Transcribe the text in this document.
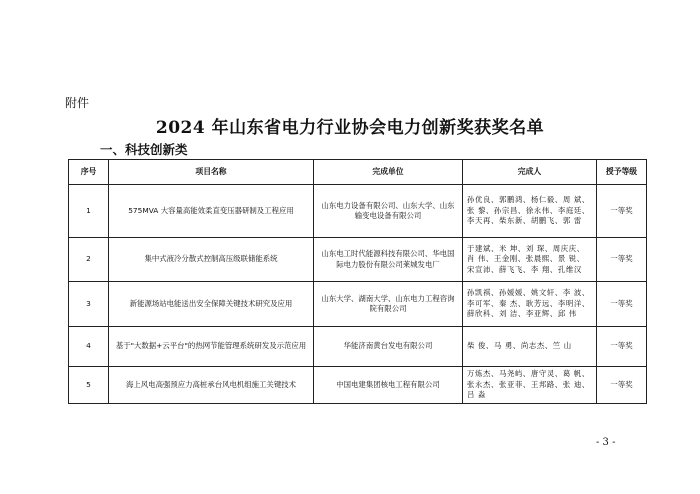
附件
2024 年山东省电力行业协会电力创新奖获奖名单
一、科技创新类
序号	项目名称	完成单位	完成人	授予等级
1	575MVA 大容量高能效柔直变压器研制及工程应用	山东电力设备有限公司、山东大学、山东输变电设备有限公司	孙优良、郭鹏鸿、杨仁毅、周 斌、张 黎、孙宗昌、徐永伟、李庭廷、李天再、柴东新、胡鹏飞、郭 雷	一等奖
2	集中式液冷分散式控制高压级联储能系统	山东电工时代能源科技有限公司、华电国际电力股份有限公司莱城发电厂	于建斌、米 坤、刘 琛、周庆庆、肖 伟、王金刚、张晨熙、景 锐、宋宣沛、薛飞飞、李 翔、孔维汉	一等奖
3	新能源场站电能送出安全保障关键技术研究及应用	山东大学、湖南大学、山东电力工程咨询院有限公司	孙凯祺、孙媛媛、姚文轩、李 波、李可军、秦 杰、耿芳远、李明洋、薛欣科、刘 洁、李亚辉、邱 伟	一等奖
4	基于"大数据+云平台"的热网节能管理系统研发及示范应用	华能济南黄台发电有限公司	柴 俊、马 勇、尚志杰、竺 山	一等奖
5	海上风电高强预应力高桩承台风电机组施工关键技术	中国电建集团核电工程有限公司	万炼杰、马尧屿、唐守灵、葛 帆、张永杰、张亚菲、王邦路、张 迪、吕 淼	一等奖
- 3 -
